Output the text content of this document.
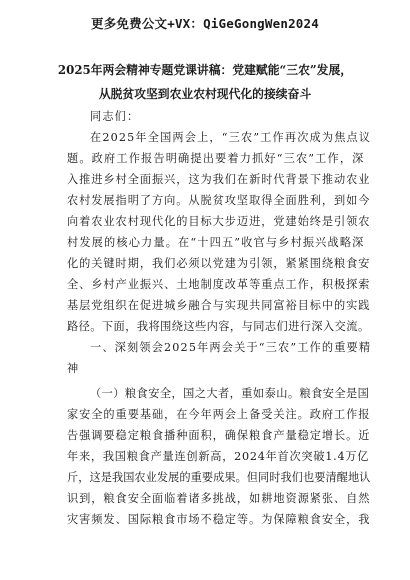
更多免费公文+VX：QiGeGongWen2024
2025年两会精神专题党课讲稿：党建赋能“三农”发展，
从脱贫攻坚到农业农村现代化的接续奋斗
同志们：
在2025年全国两会上，“三农”工作再次成为焦点议
题。政府工作报告明确提出要着力抓好“三农”工作，深
入推进乡村全面振兴，这为我们在新时代背景下推动农业
农村发展指明了方向。从脱贫攻坚取得全面胜利，到如今
向着农业农村现代化的目标大步迈进，党建始终是引领农
村发展的核心力量。在“十四五”收官与乡村振兴战略深
化的关键时期，我们必须以党建为引领，紧紧围绕粮食安
全、乡村产业振兴、土地制度改革等重点工作，积极探索
基层党组织在促进城乡融合与实现共同富裕目标中的实践
路径。下面，我将围绕这些内容，与同志们进行深入交流。
一、深刻领会2025年两会关于“三农”工作的重要精
神
（一）粮食安全，国之大者，重如泰山。粮食安全是国
家安全的重要基础，在今年两会上备受关注。政府工作报
告强调要稳定粮食播种面积，确保粮食产量稳定增长。近
年来，我国粮食产量连创新高，2024年首次突破1.4万亿
斤，这是我国农业发展的重要成果。但同时我们也要清醒地认
识到，粮食安全面临着诸多挑战，如耕地资源紧张、自然
灾害频发、国际粮食市场不稳定等。为保障粮食安全，我
